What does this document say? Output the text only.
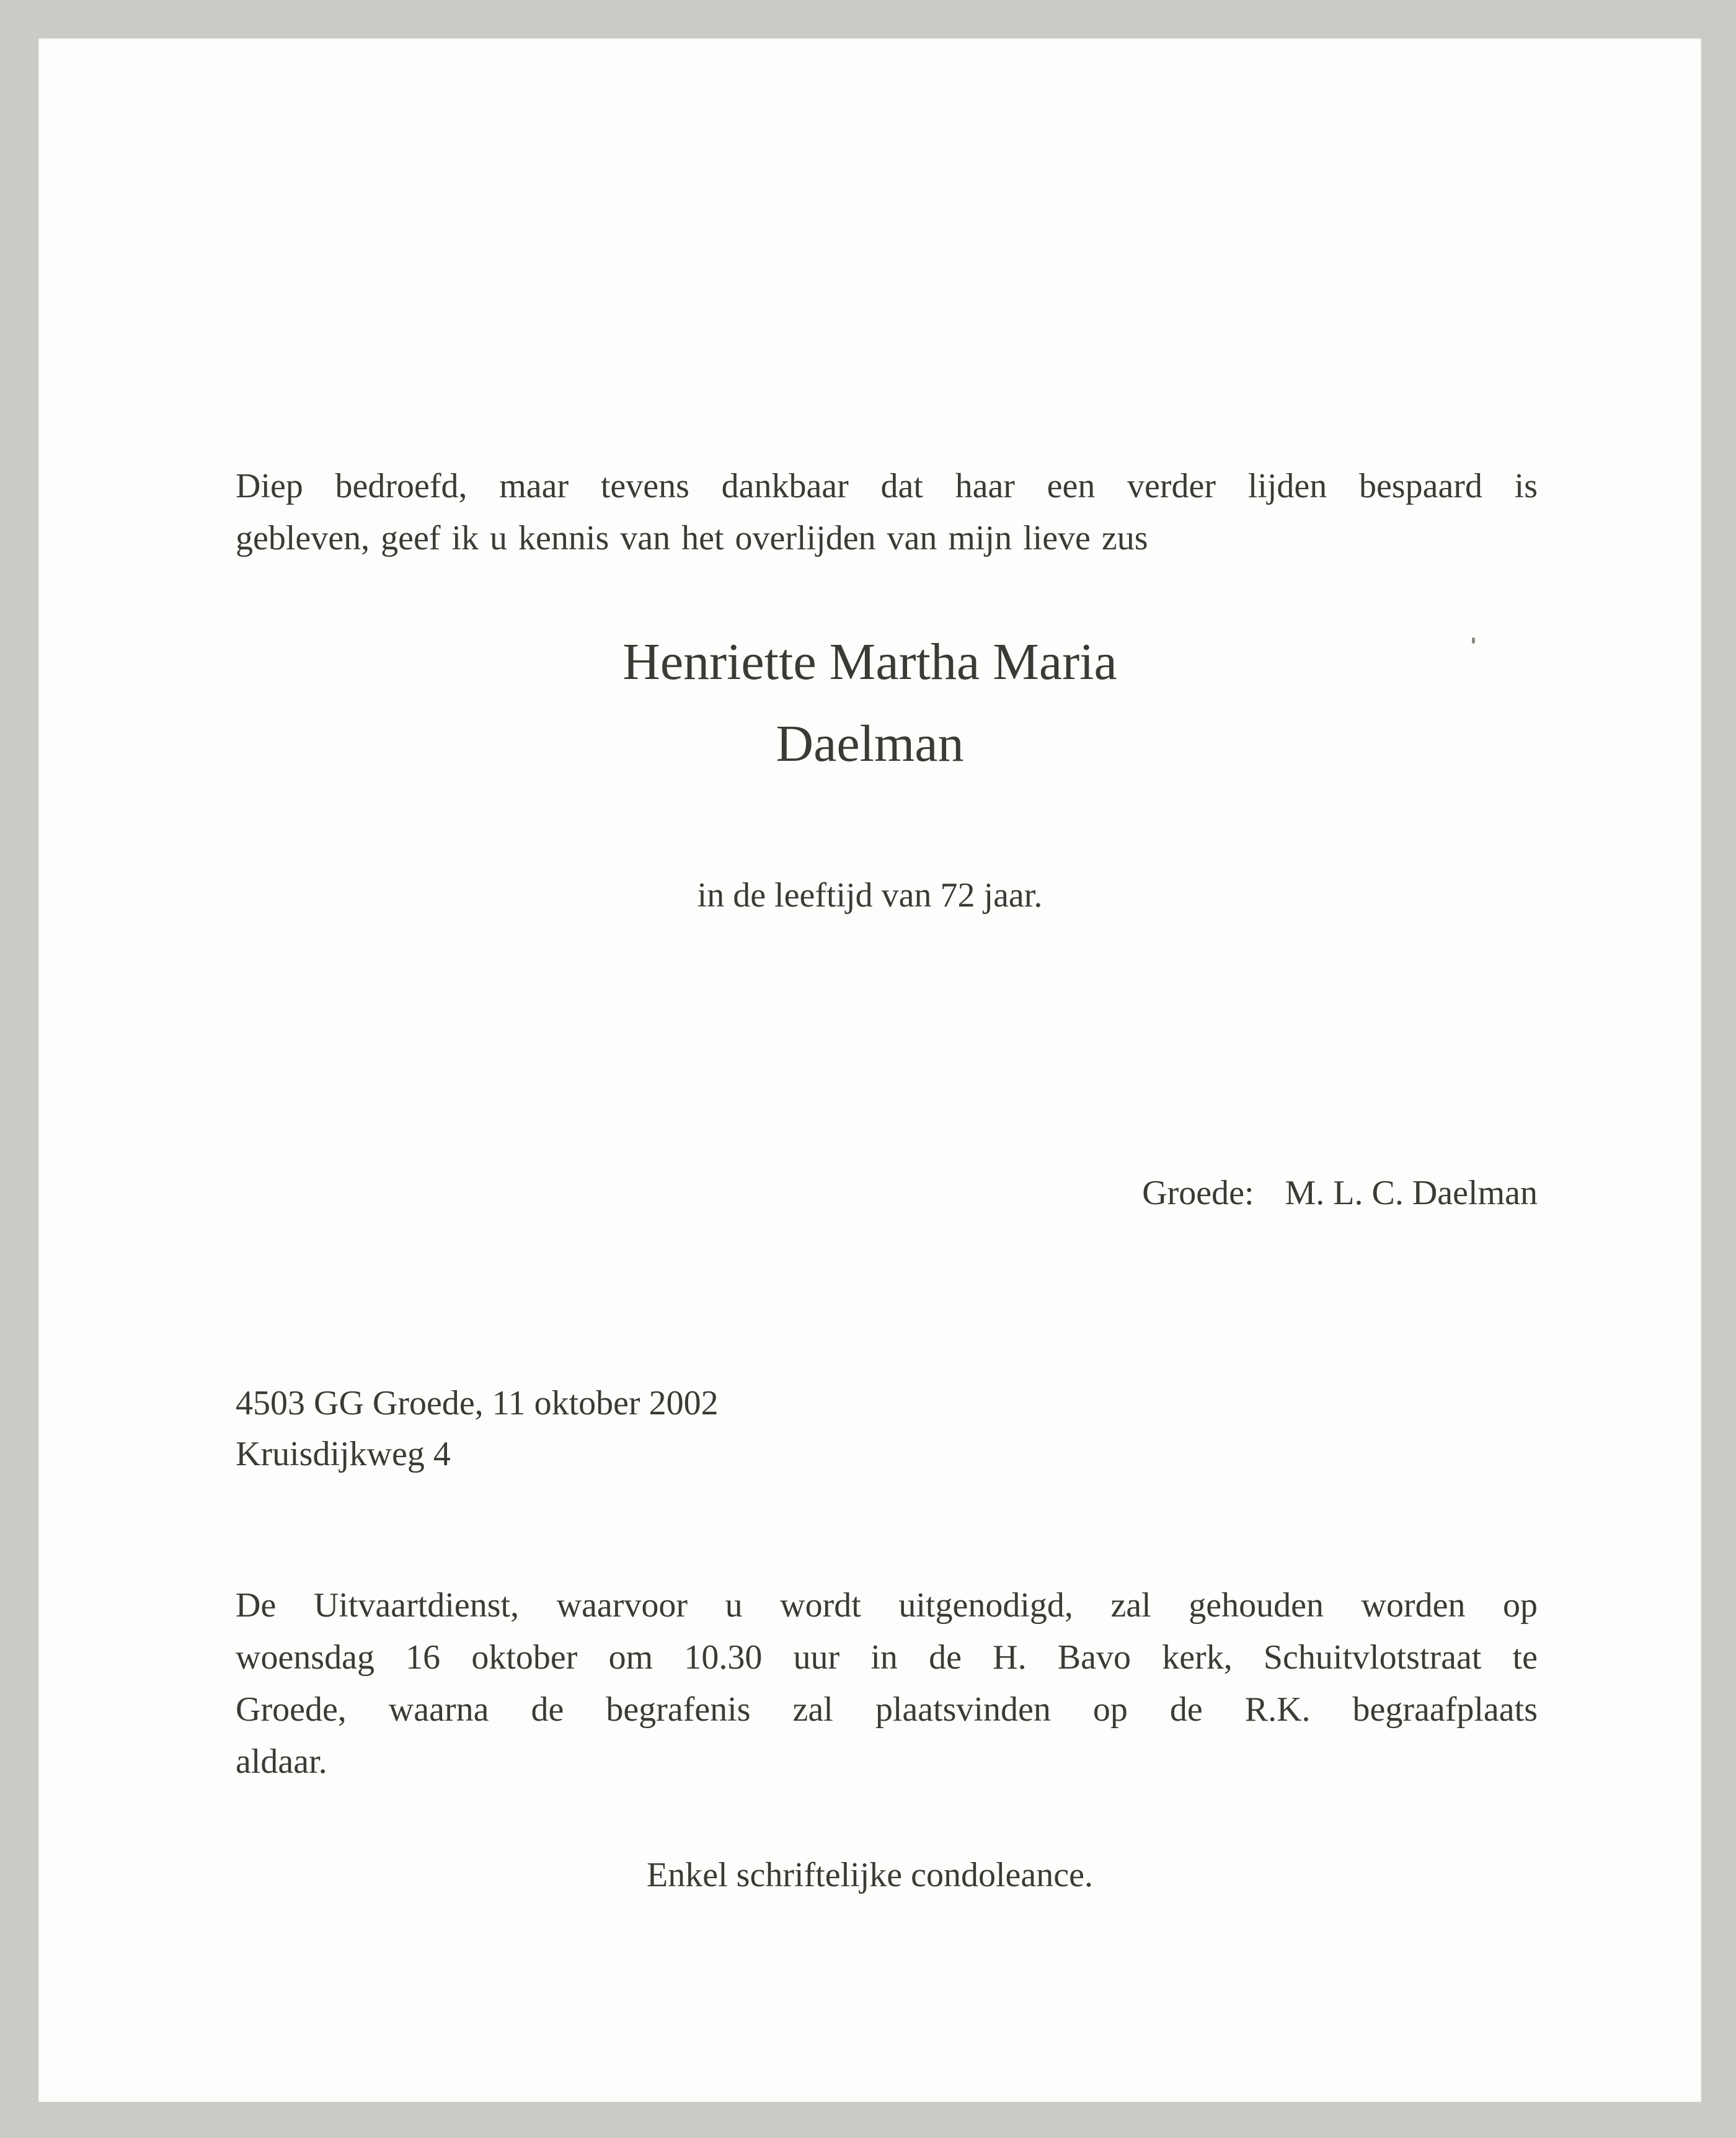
Diep bedroefd, maar tevens dankbaar dat haar een verder lijden bespaard is
gebleven, geef ik u kennis van het overlijden van mijn lieve zus

Henriette Martha Maria
Daelman

in de leeftijd van 72 jaar.

Groede: M. L. C. Daelman

4503 GG Groede, 11 oktober 2002
Kruisdijkweg 4

De Uitvaartdienst, waarvoor u wordt uitgenodigd, zal gehouden worden op
woensdag 16 oktober om 10.30 uur in de H. Bavo kerk, Schuitvlotstraat te
Groede, waarna de begrafenis zal plaatsvinden op de R.K. begraafplaats
aldaar.

Enkel schriftelijke condoleance.
